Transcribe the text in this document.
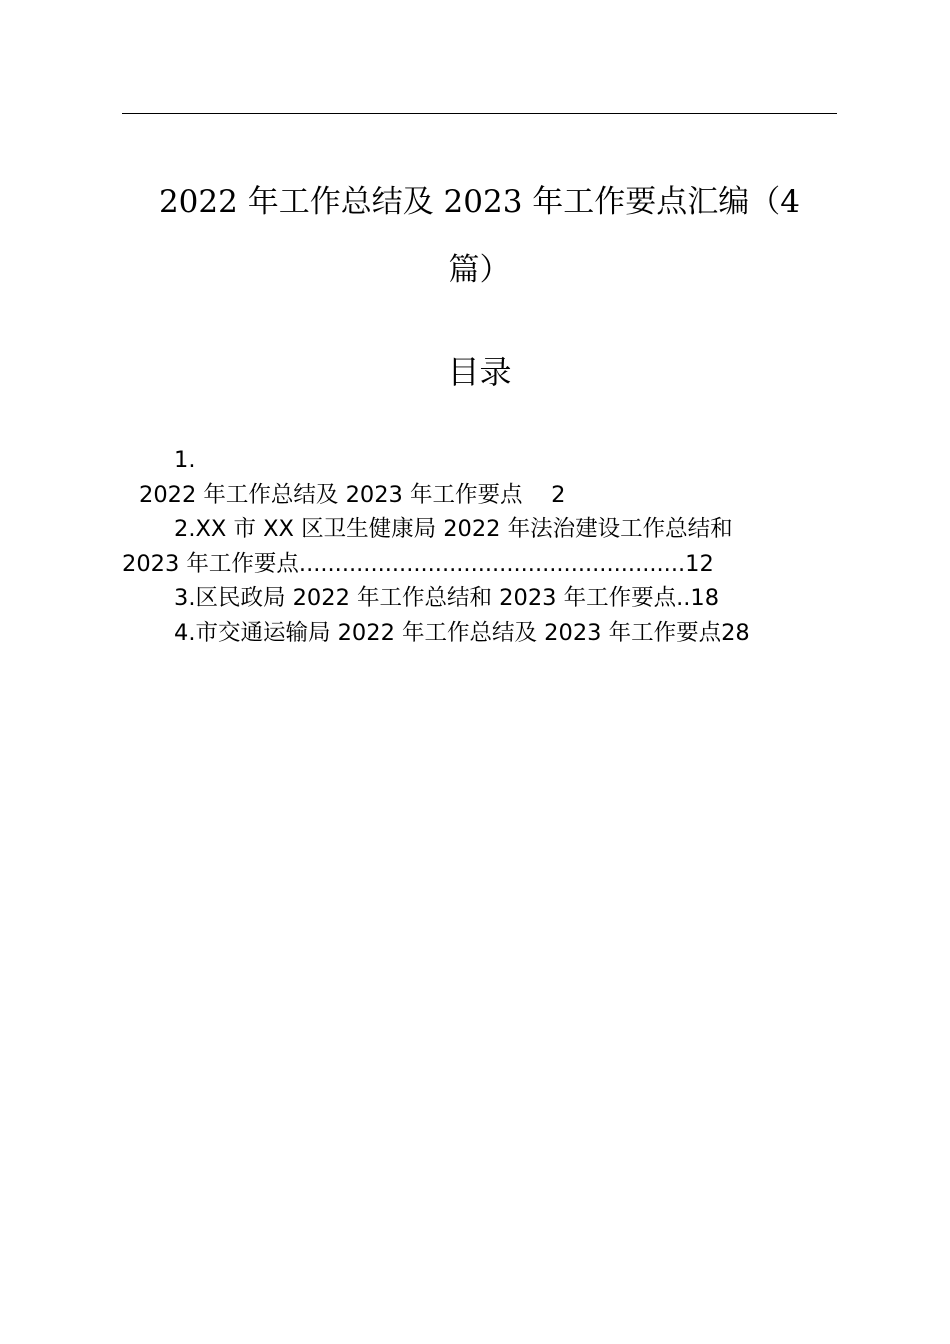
2022 年工作总结及 2023 年工作要点汇编（4
篇）
目录
1.
2022 年工作总结及 2023 年工作要点 2
2.XX 市 XX 区卫生健康局 2022 年法治建设工作总结和
2023 年工作要点......................................................12
3.区民政局 2022 年工作总结和 2023 年工作要点..18
4.市交通运输局 2022 年工作总结及 2023 年工作要点28
